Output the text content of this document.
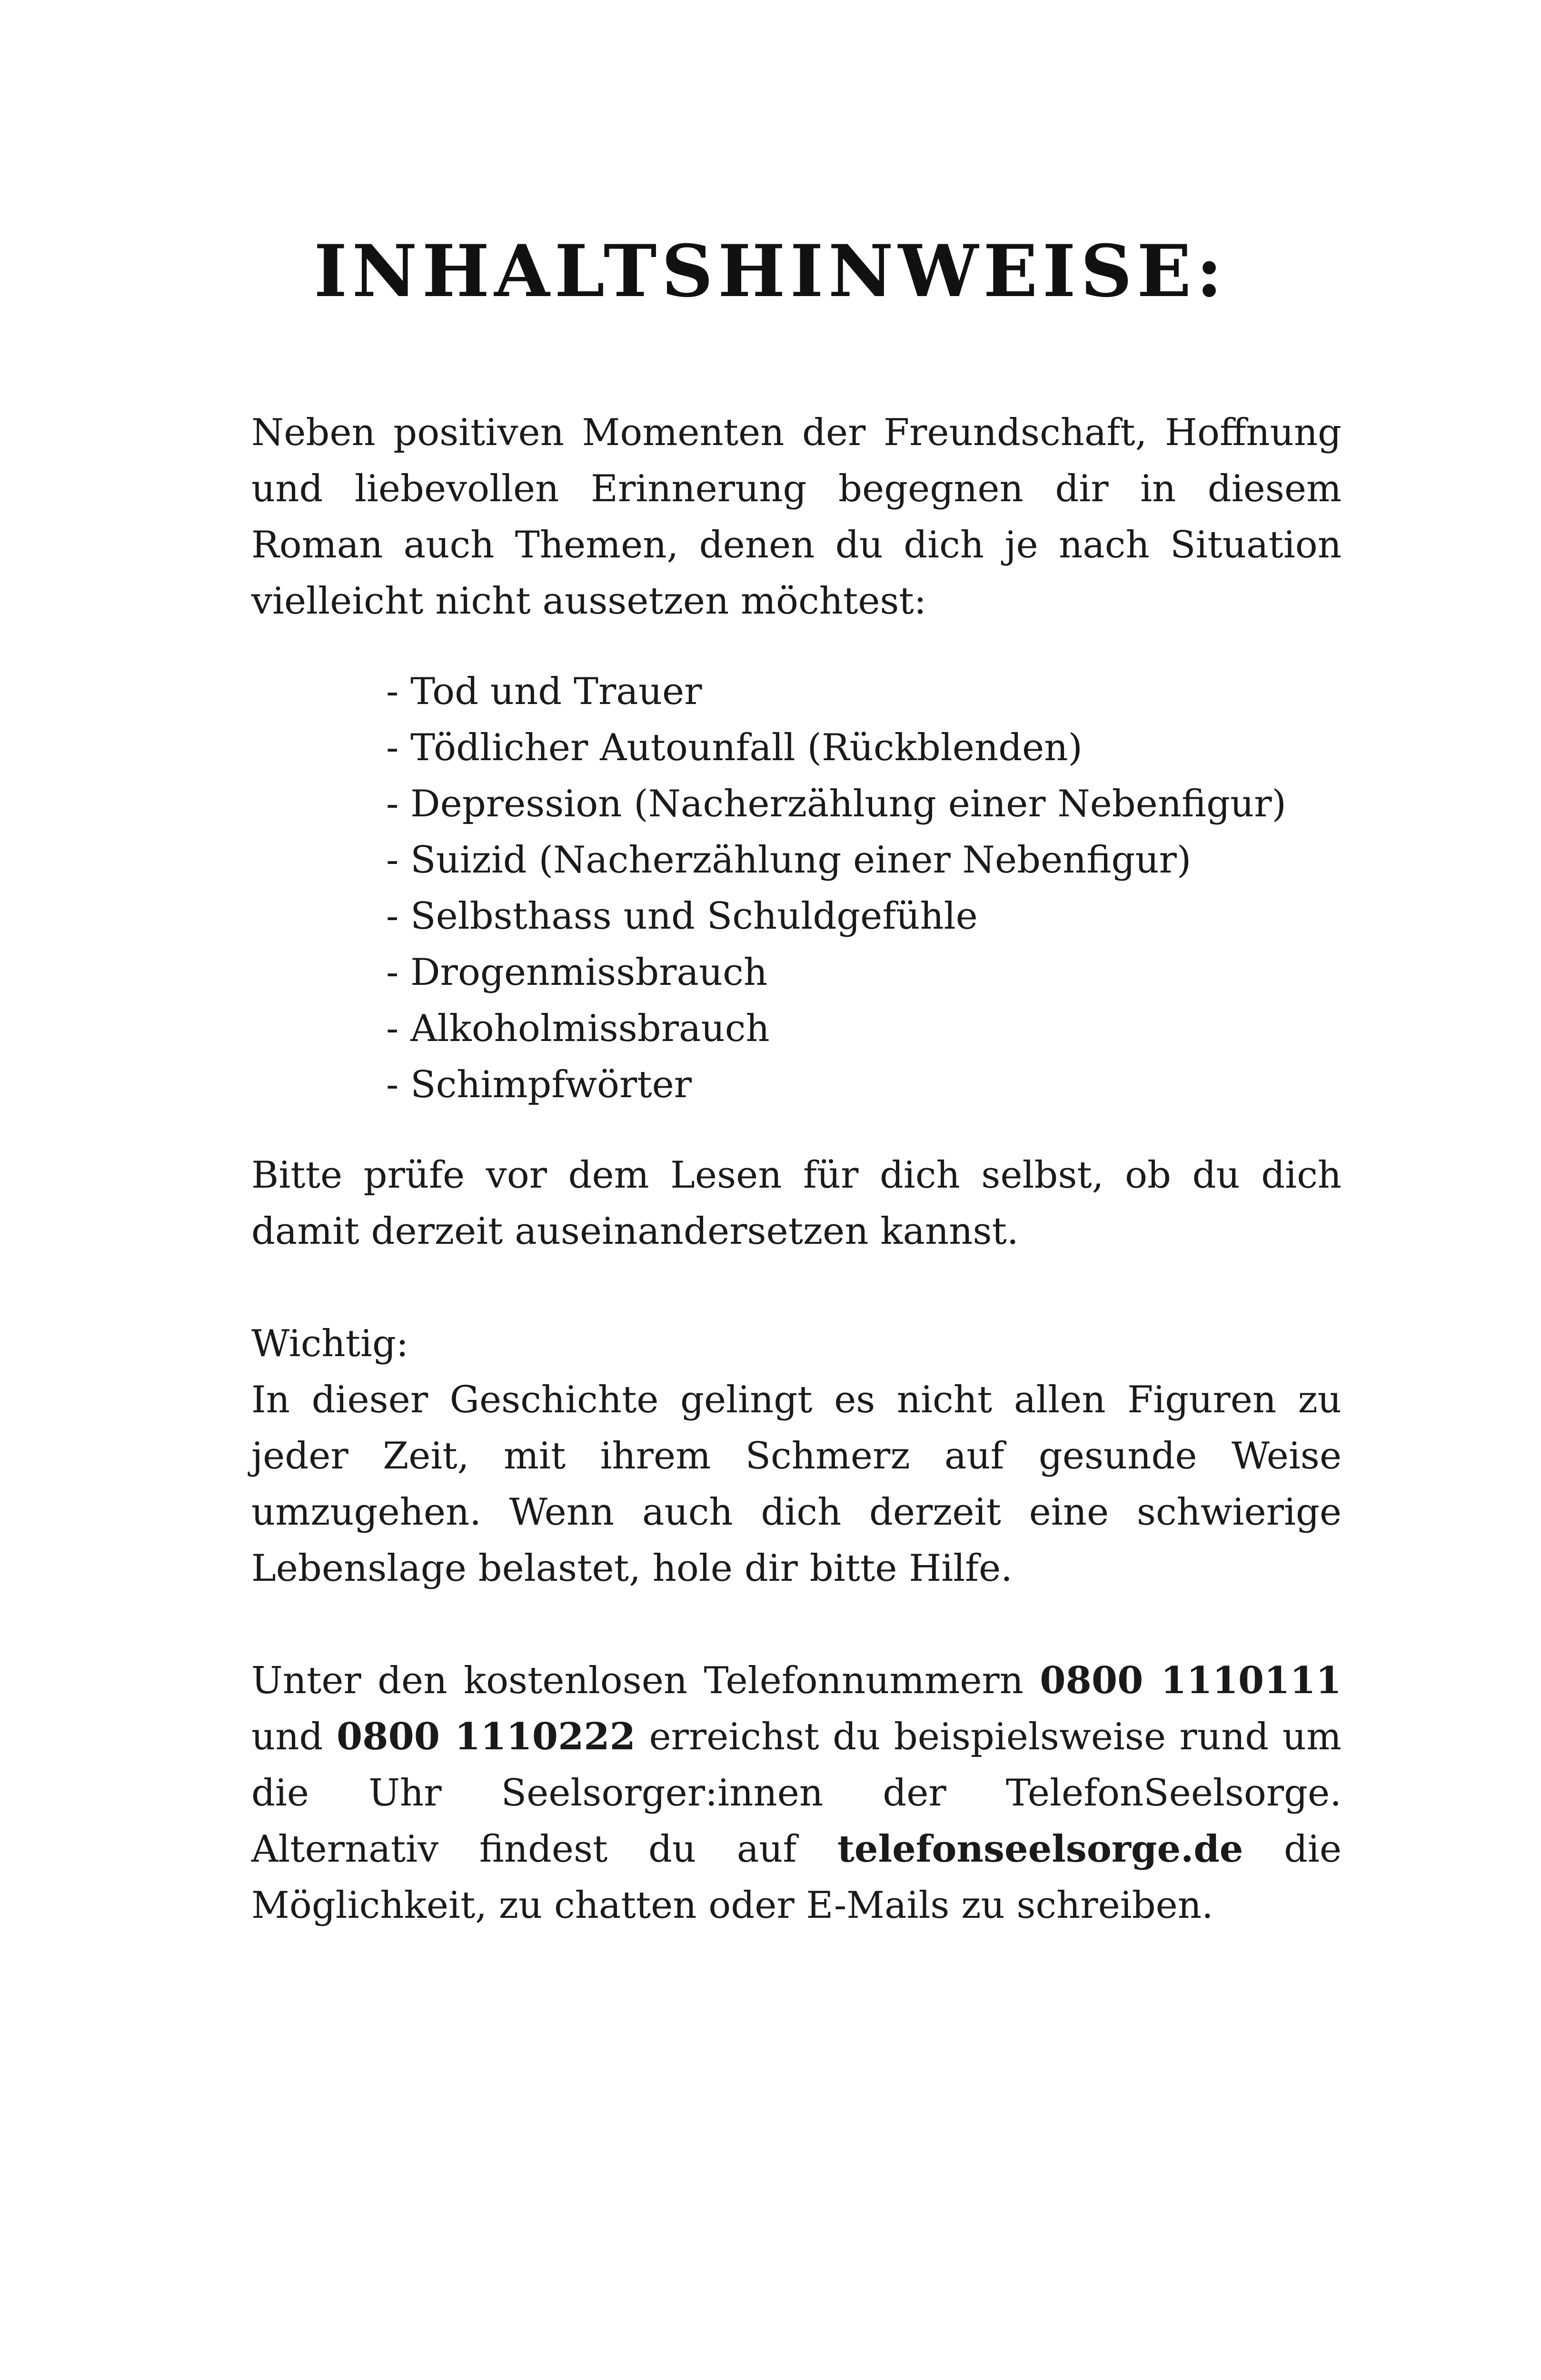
INHALTSHINWEISE:

Neben positiven Momenten der Freundschaft, Hoffnung und liebevollen Erinnerung begegnen dir in diesem Roman auch Themen, denen du dich je nach Situation vielleicht nicht aussetzen möchtest:

- Tod und Trauer
- Tödlicher Autounfall (Rückblenden)
- Depression (Nacherzählung einer Nebenfigur)
- Suizid (Nacherzählung einer Nebenfigur)
- Selbsthass und Schuldgefühle
- Drogenmissbrauch
- Alkoholmissbrauch
- Schimpfwörter

Bitte prüfe vor dem Lesen für dich selbst, ob du dich damit derzeit auseinandersetzen kannst.

Wichtig:

In dieser Geschichte gelingt es nicht allen Figuren zu jeder Zeit, mit ihrem Schmerz auf gesunde Weise umzugehen. Wenn auch dich derzeit eine schwierige Lebenslage belastet, hole dir bitte Hilfe.

Unter den kostenlosen Telefonnummern 0800 1110111 und 0800 1110222 erreichst du beispielsweise rund um die Uhr Seelsorger:innen der TelefonSeelsorge. Alternativ findest du auf telefonseelsorge.de die Möglichkeit, zu chatten oder E-Mails zu schreiben.
